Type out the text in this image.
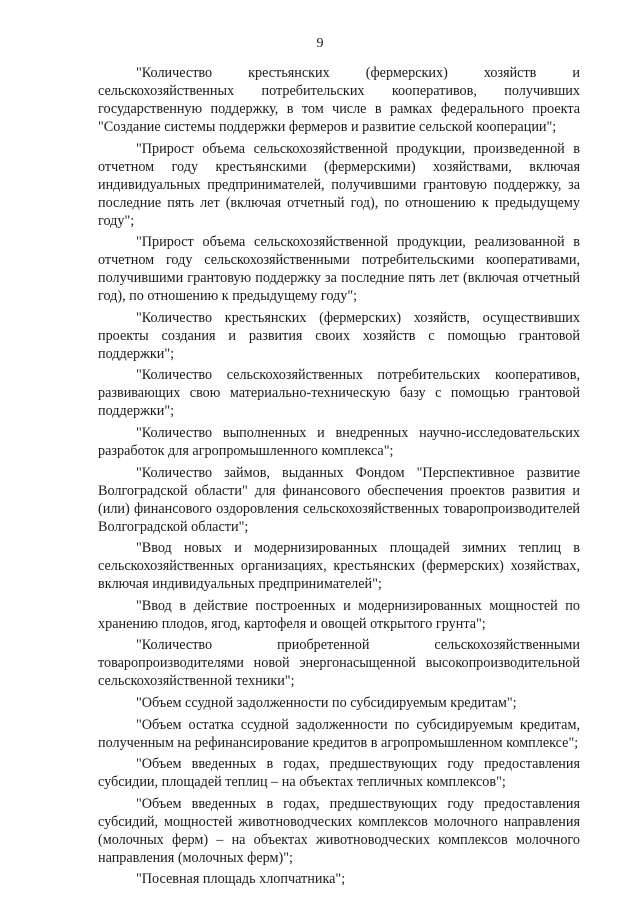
9

"Количество крестьянских (фермерских) хозяйств и сельскохозяйственных потребительских кооперативов, получивших государственную поддержку, в том числе в рамках федерального проекта "Создание системы поддержки фермеров и развитие сельской кооперации";

"Прирост объема сельскохозяйственной продукции, произведенной в отчетном году крестьянскими (фермерскими) хозяйствами, включая индивидуальных предпринимателей, получившими грантовую поддержку, за последние пять лет (включая отчетный год), по отношению к предыдущему году";

"Прирост объема сельскохозяйственной продукции, реализованной в отчетном году сельскохозяйственными потребительскими кооперативами, получившими грантовую поддержку за последние пять лет (включая отчетный год), по отношению к предыдущему году";

"Количество крестьянских (фермерских) хозяйств, осуществивших проекты создания и развития своих хозяйств с помощью грантовой поддержки";

"Количество сельскохозяйственных потребительских кооперативов, развивающих свою материально-техническую базу с помощью грантовой поддержки";

"Количество выполненных и внедренных научно-исследовательских разработок для агропромышленного комплекса";

"Количество займов, выданных Фондом "Перспективное развитие Волгоградской области" для финансового обеспечения проектов развития и (или) финансового оздоровления сельскохозяйственных товаропроизводителей Волгоградской области";

"Ввод новых и модернизированных площадей зимних теплиц в сельскохозяйственных организациях, крестьянских (фермерских) хозяйствах, включая индивидуальных предпринимателей";

"Ввод в действие построенных и модернизированных мощностей по хранению плодов, ягод, картофеля и овощей открытого грунта";

"Количество приобретенной сельскохозяйственными товаропроизводителями новой энергонасыщенной высокопроизводительной сельскохозяйственной техники";

"Объем ссудной задолженности по субсидируемым кредитам";

"Объем остатка ссудной задолженности по субсидируемым кредитам, полученным на рефинансирование кредитов в агропромышленном комплексе";

"Объем введенных в годах, предшествующих году предоставления субсидии, площадей теплиц – на объектах тепличных комплексов";

"Объем введенных в годах, предшествующих году предоставления субсидий, мощностей животноводческих комплексов молочного направления (молочных ферм) – на объектах животноводческих комплексов молочного направления (молочных ферм)";

"Посевная площадь хлопчатника";
